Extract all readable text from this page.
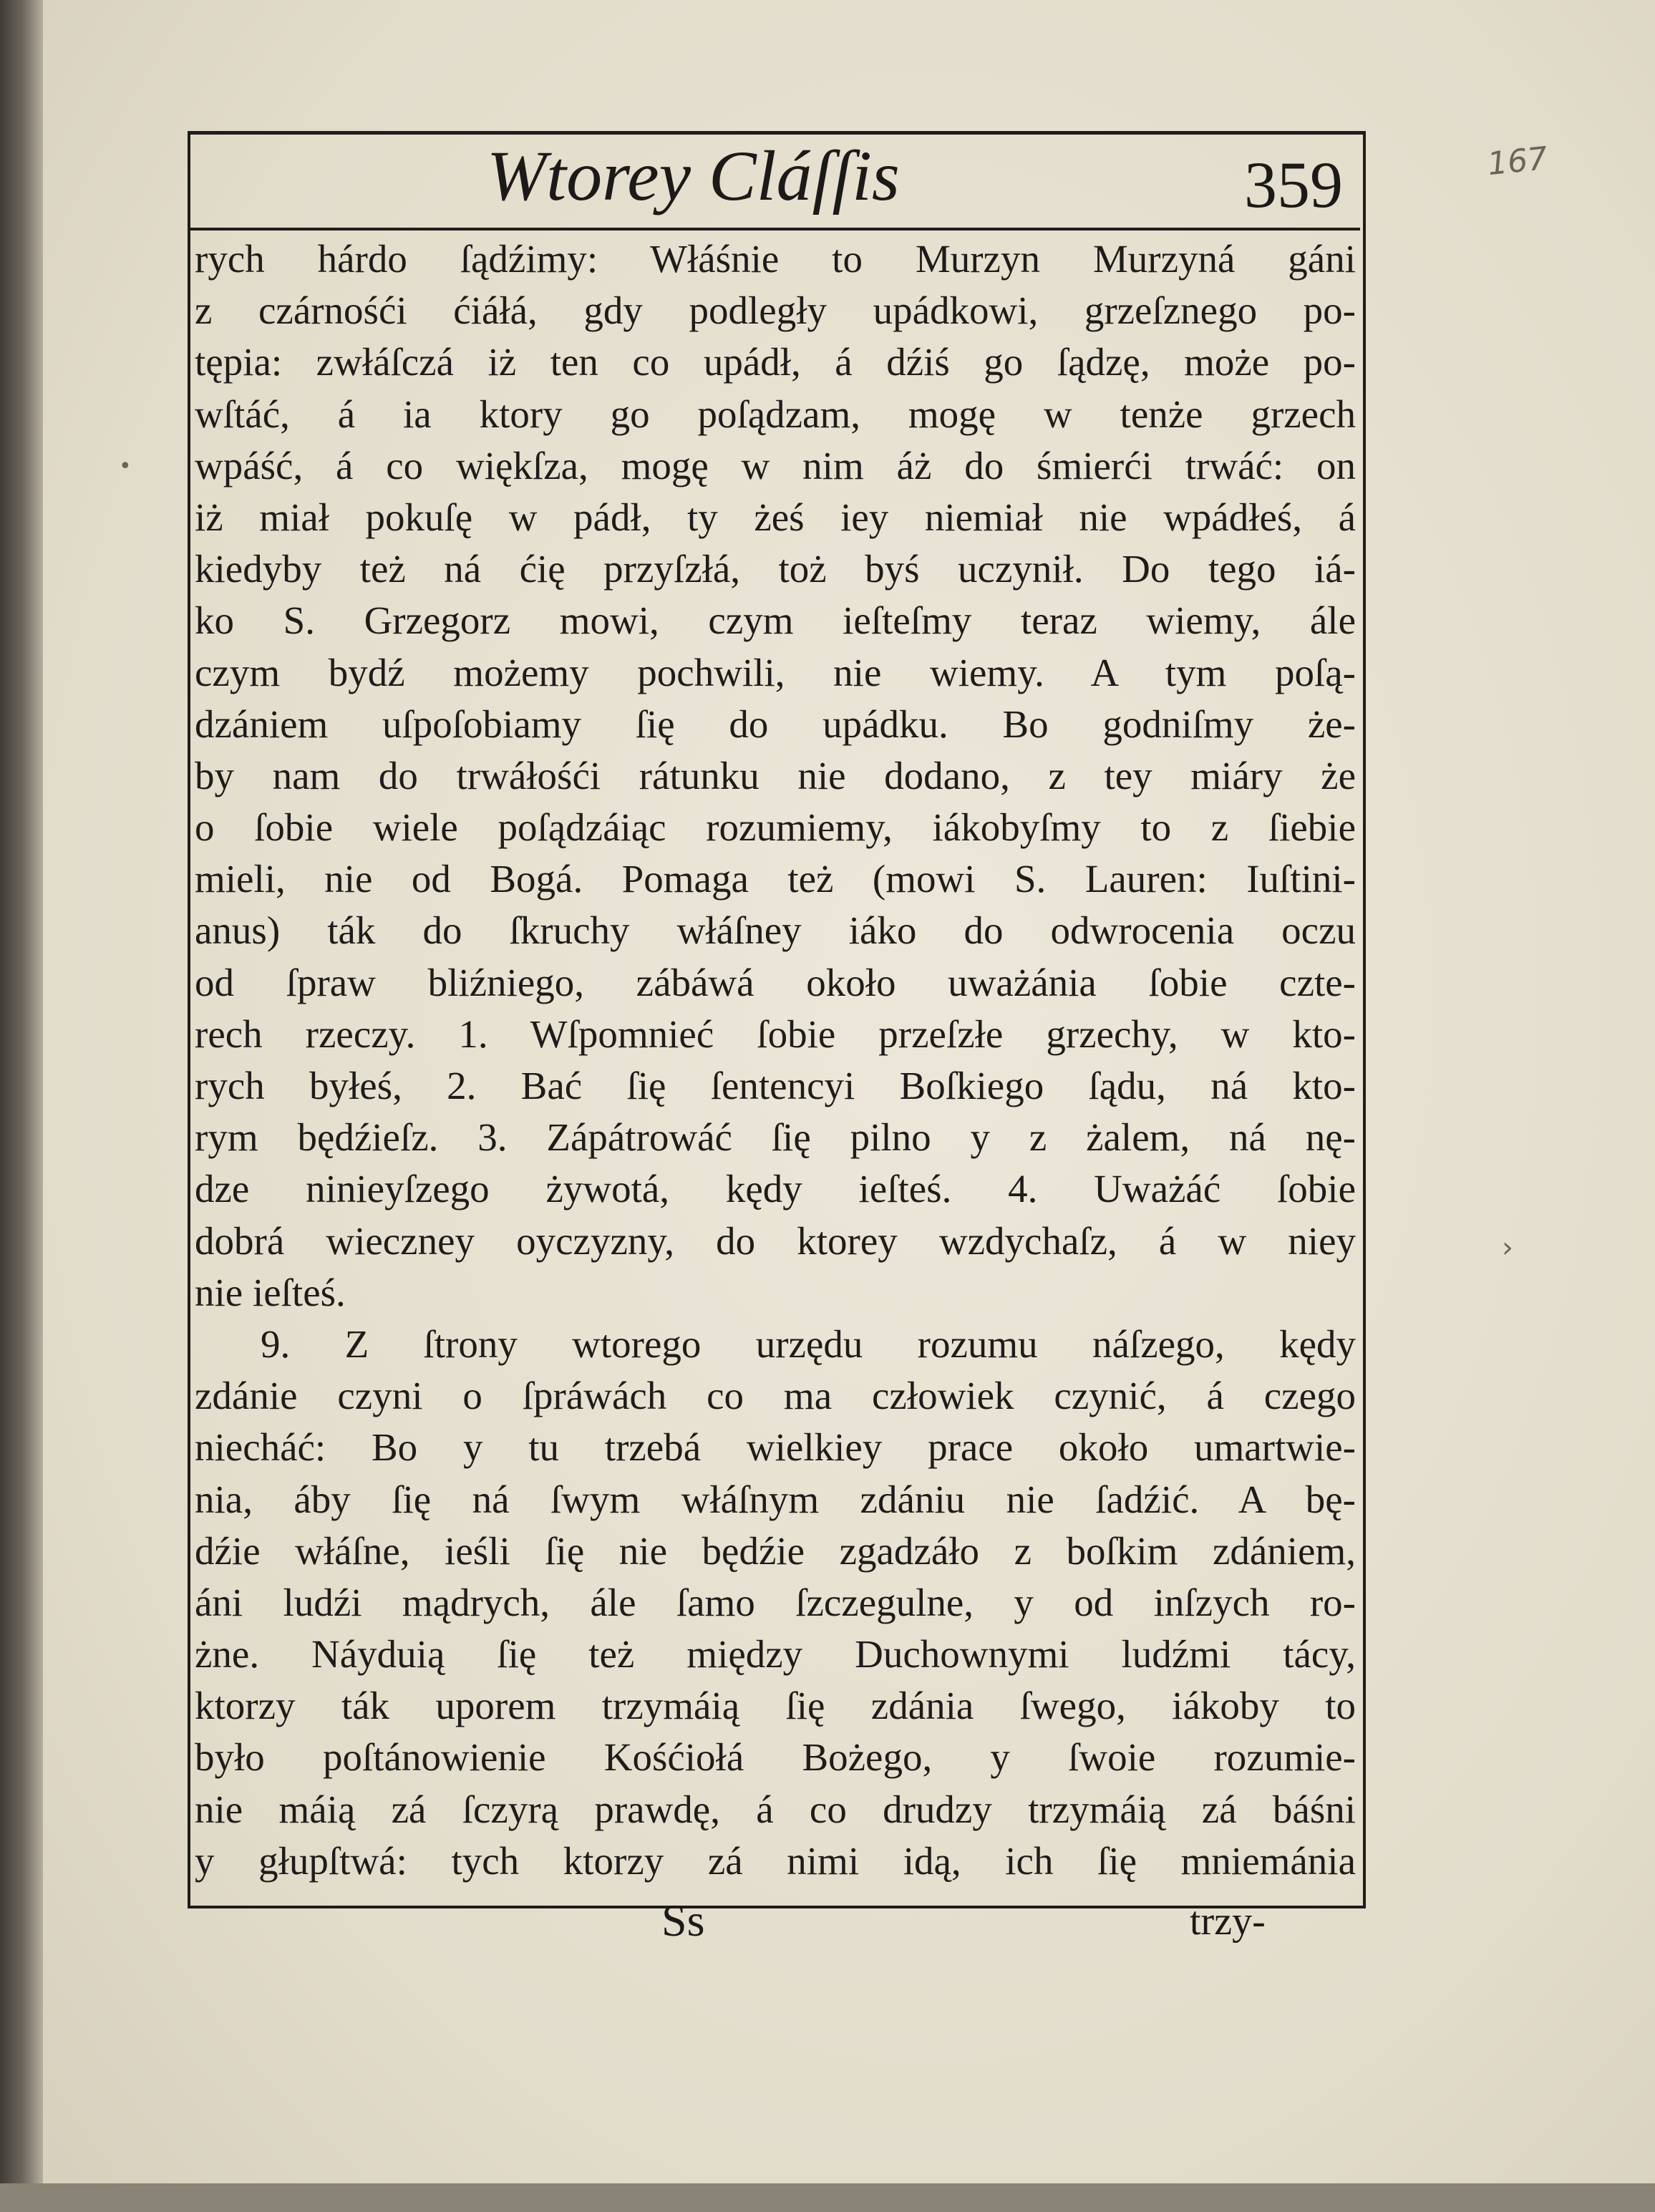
Wtorey Cláſſis	359	167
•
›
rych hárdo ſądźimy: Włáśnie to Murzyn Murzyná gáni
z czárnośći ćiáłá, gdy podległy upádkowi, grzeſznego po-
tępia: zwłáſczá iż ten co upádł, á dźiś go ſądzę, może po-
wſtáć, á ia ktory go poſądzam, mogę w tenże grzech
wpáść, á co więkſza, mogę w nim áż do śmierći trwáć: on
iż miał pokuſę w pádł, ty żeś iey niemiał nie wpádłeś, á
kiedyby też ná ćię przyſzłá, toż byś uczynił. Do tego iá-
ko S. Grzegorz mowi, czym ieſteſmy teraz wiemy, ále
czym bydź możemy pochwili, nie wiemy. A tym poſą-
dzániem uſpoſobiamy ſię do upádku. Bo godniſmy że-
by nam do trwáłośći rátunku nie dodano, z tey miáry że
o ſobie wiele poſądzáiąc rozumiemy, iákobyſmy to z ſiebie
mieli, nie od Bogá. Pomaga też (mowi S. Lauren: Iuſtini-
anus) ták do ſkruchy włáſney iáko do odwrocenia oczu
od ſpraw bliźniego, zábáwá około uważánia ſobie czte-
rech rzeczy. 1. Wſpomnieć ſobie przeſzłe grzechy, w kto-
rych byłeś, 2. Bać ſię ſentencyi Boſkiego ſądu, ná kto-
rym będźieſz. 3. Zápátrowáć ſię pilno y z żalem, ná nę-
dze ninieyſzego żywotá, kędy ieſteś. 4. Uważáć ſobie
dobrá wieczney oyczyzny, do ktorey wzdychaſz, á w niey
nie ieſteś.
9. Z ſtrony wtorego urzędu rozumu náſzego, kędy
zdánie czyni o ſpráwách co ma człowiek czynić, á czego
niecháć: Bo y tu trzebá wielkiey prace około umartwie-
nia, áby ſię ná ſwym włáſnym zdániu nie ſadźić. A bę-
dźie włáſne, ieśli ſię nie będźie zgadzáło z boſkim zdániem,
áni ludźi mądrych, ále ſamo ſzczegulne, y od inſzych ro-
żne. Náyduią ſię też między Duchownymi ludźmi tácy,
ktorzy ták uporem trzymáią ſię zdánia ſwego, iákoby to
było poſtánowienie Kośćiołá Bożego, y ſwoie rozumie-
nie máią zá ſczyrą prawdę, á co drudzy trzymáią zá báśni
y głupſtwá: tych ktorzy zá nimi idą, ich ſię mniemánia
Ss	trzy-
